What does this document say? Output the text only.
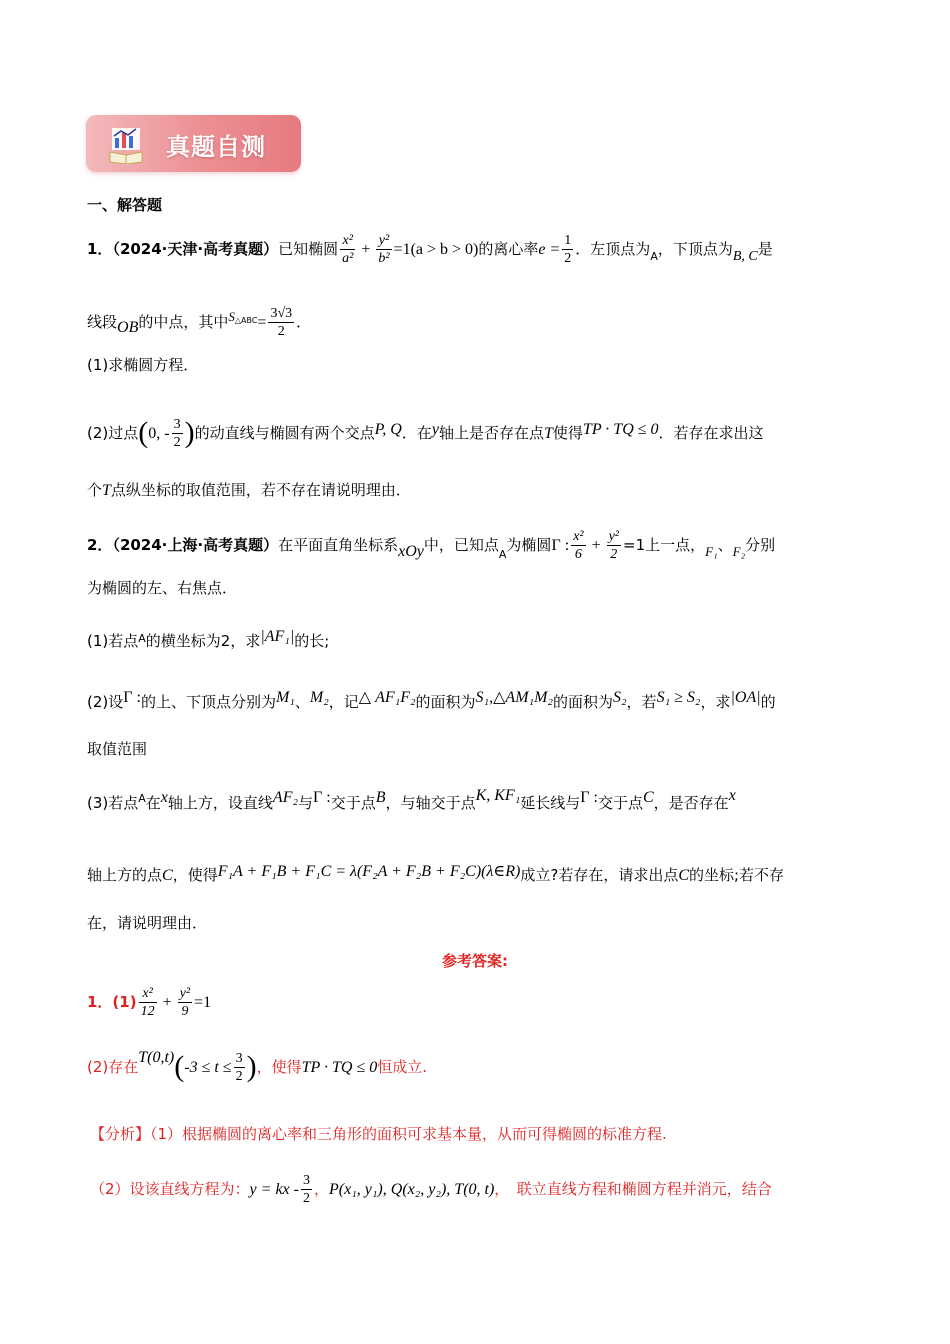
真题自测
一、解答题
1．（2024·天津·高考真题）已知椭圆 $\frac{\text{x²}}{\text{a²}} + \frac{\text{y²}}{\text{b²}} =1(a > b > 0)$的离心率$e = \frac{1}{2}$ ．左顶点为$_A$，下顶点为B, C是
线段OB的中点，其中$S^{\triangle ABC}= \frac{3√3}{2}$ ．
(1)求椭圆方程．
(2)过点(0, - $\frac{3}{2}$ )的动直线与椭圆有两个交点P, Q．在y轴上是否存在点T使得TP · TQ ≤ 0．若存在求出这
个T点纵坐标的取值范围，若不存在请说明理由．
2．（2024·上海·高考真题）在平面直角坐标系xOy中，已知点$_A$为椭圆Γ : $\frac{\text{x²}}{6} + \frac{\text{y²}}{2} =1$上一点，F₁、F₂分别
为椭圆的左、右焦点．
(1)若点$^A$的横坐标为2，求|AF₁|的长;
(2)设Γ :的上、下顶点分别为M₁、M₂，记△ AF₁F₂的面积为S₁,△AM₁M₂的面积为S₂，若S₁ ≥ S₂，求|OA|的
取值范围
(3)若点$^A$在x轴上方，设直线AF₂与Γ :交于点B，与轴交于点K, KF₁延长线与Γ :交于点C，是否存在x
轴上方的点C，使得F₁A + F₁B + F₁C = λ(F₂A + F₂B + F₂C)(λ∈R)成立?若存在，请求出点C的坐标;若不存
在，请说明理由．
参考答案:
1．$(1) \frac{\text{x²}}{12} + \frac{\text{y²}}{9} =1$
(2)存在$T(0,t)(-3 \le t \le \frac{3}{2}$ )，使得TP · TQ ≤ 0恒成立.
【分析】（1）根据椭圆的离心率和三角形的面积可求基本量，从而可得椭圆的标准方程.
（2）设该直线方程为：y = kx - $\frac{3}{2}$ ，P(x₁, y₁), Q(x₂, y₂), T(0, t)，　联立直线方程和椭圆方程并消元，结合
